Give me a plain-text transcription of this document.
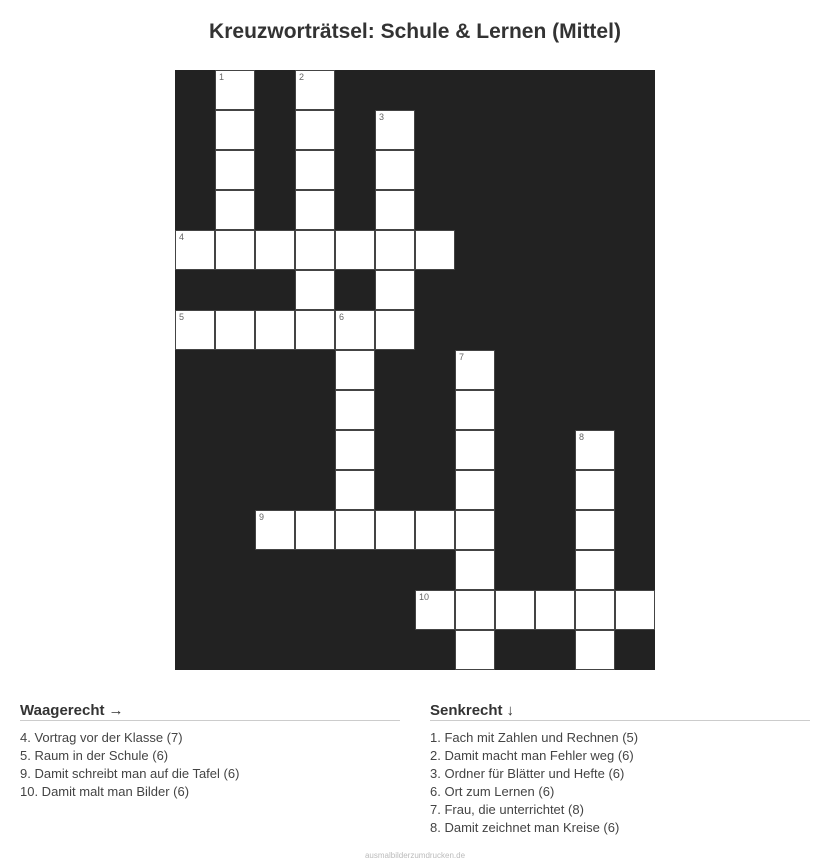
Kreuzworträtsel: Schule & Lernen (Mittel)
1	2
3
4
5	6
7
8
9
10
Waagerecht →
4. Vortrag vor der Klasse (7)
5. Raum in der Schule (6)
9. Damit schreibt man auf die Tafel (6)
10. Damit malt man Bilder (6)
Senkrecht ↓
1. Fach mit Zahlen und Rechnen (5)
2. Damit macht man Fehler weg (6)
3. Ordner für Blätter und Hefte (6)
6. Ort zum Lernen (6)
7. Frau, die unterrichtet (8)
8. Damit zeichnet man Kreise (6)
ausmalbilderzumdrucken.de
